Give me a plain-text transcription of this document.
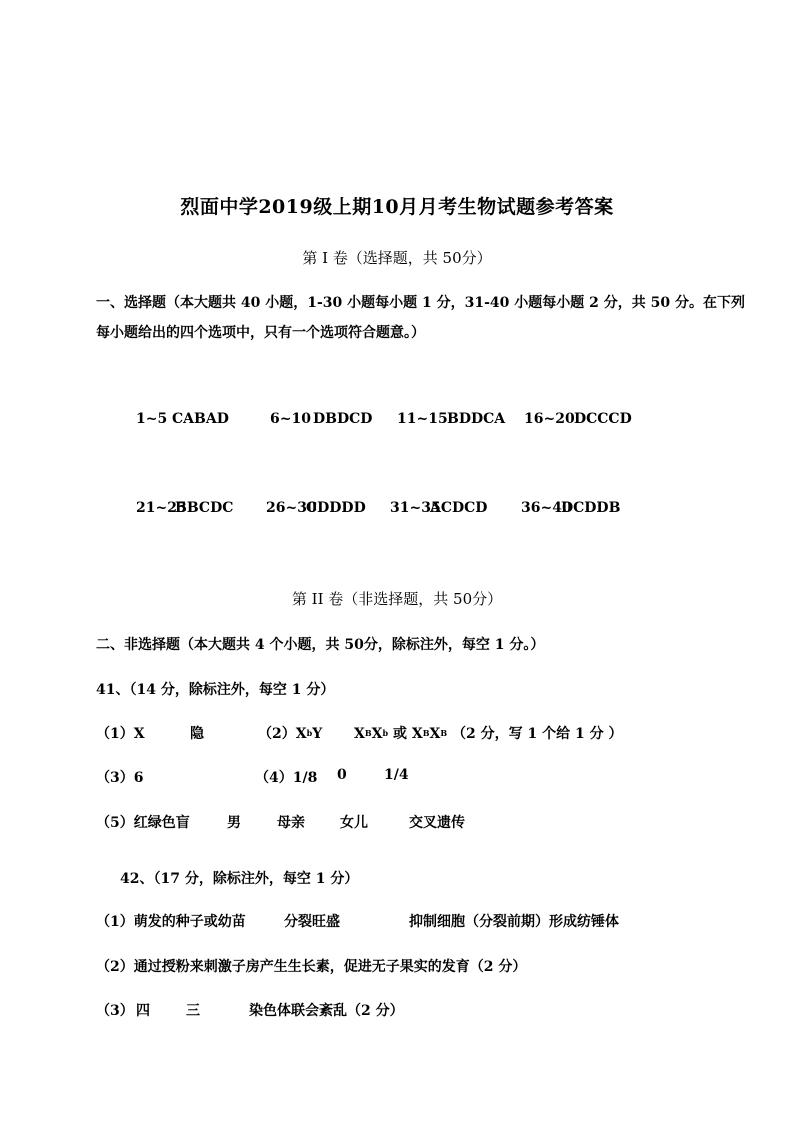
烈面中学2019级上期10月月考生物试题参考答案
第 I 卷（选择题，共 50分）
一、选择题（本大题共 40 小题，1-30 小题每小题 1 分，31-40 小题每小题 2 分，共 50 分。在下列
每小题给出的四个选项中，只有一个选项符合题意。）
1~5 CABAD	6~10 DBDCD 11~15 BDDCA 16~20 DCCCD
21~25
BBCDC 26~30
CDDDD 31~35
ACDCD 36~40
DCDDB
第 II 卷（非选择题，共 50分）
二、非选择题（本大题共 4 个小题，共 50分，除标注外，每空 1 分。）
41、（14 分，除标注外，每空 1 分）
（1）X	隐	$(2)X^bY$ $X^BX^b$ 或 $X^BX^B$ （2 分，写 1 个给 1 分 ）
（3）6	（4）1/8 0	1/4
（5）红绿色盲	男	母亲	女儿	交叉遗传
42、（17 分，除标注外，每空 1 分）
（1）萌发的种子或幼苗	分裂旺盛	抑制细胞（分裂前期）形成纺锤体
（2）通过授粉来刺激子房产生生长素，促进无子果实的发育（2 分）
（3） 四	三	染色体联会紊乱（2 分）
